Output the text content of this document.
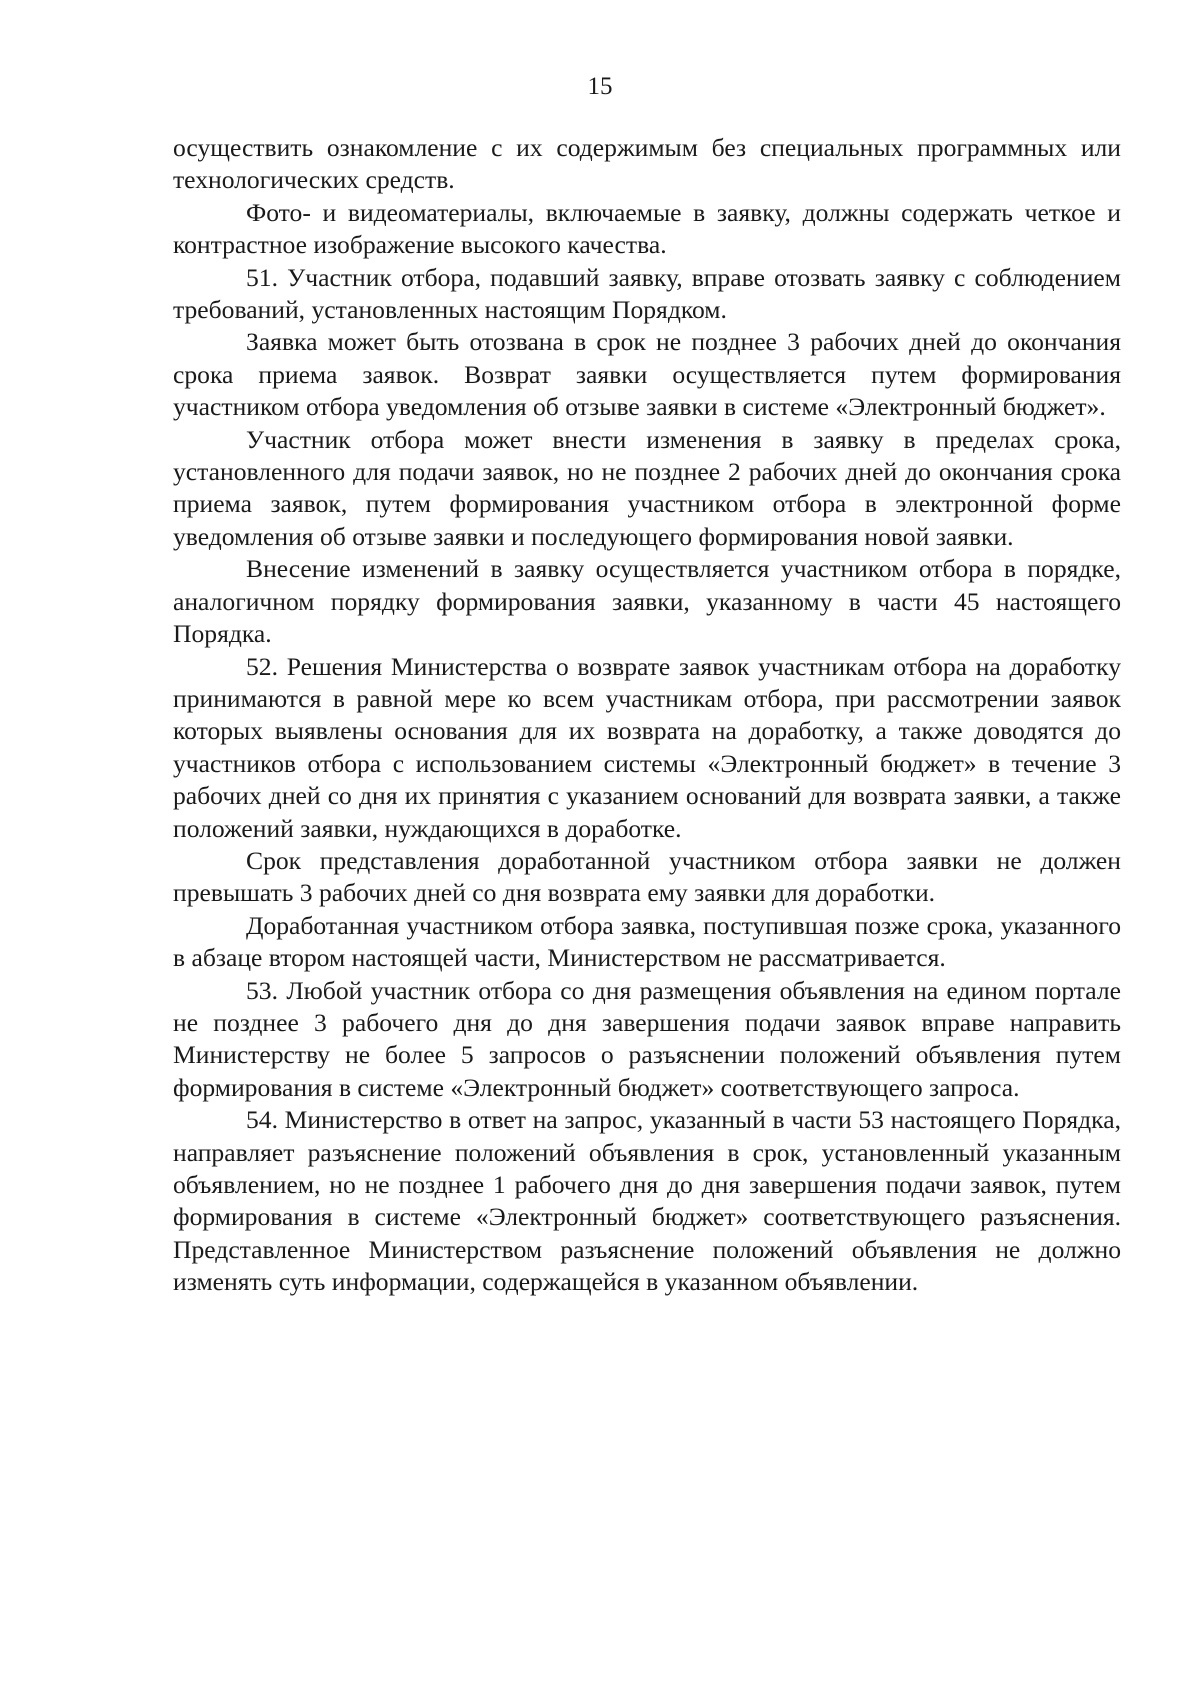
15

осуществить ознакомление с их содержимым без специальных программных или технологических средств.

Фото- и видеоматериалы, включаемые в заявку, должны содержать четкое и контрастное изображение высокого качества.

51. Участник отбора, подавший заявку, вправе отозвать заявку с соблюдением требований, установленных настоящим Порядком.

Заявка может быть отозвана в срок не позднее 3 рабочих дней до окончания срока приема заявок. Возврат заявки осуществляется путем формирования участником отбора уведомления об отзыве заявки в системе «Электронный бюджет».

Участник отбора может внести изменения в заявку в пределах срока, установленного для подачи заявок, но не позднее 2 рабочих дней до окончания срока приема заявок, путем формирования участником отбора в электронной форме уведомления об отзыве заявки и последующего формирования новой заявки.

Внесение изменений в заявку осуществляется участником отбора в порядке, аналогичном порядку формирования заявки, указанному в части 45 настоящего Порядка.

52. Решения Министерства о возврате заявок участникам отбора на доработку принимаются в равной мере ко всем участникам отбора, при рассмотрении заявок которых выявлены основания для их возврата на доработку, а также доводятся до участников отбора с использованием системы «Электронный бюджет» в течение 3 рабочих дней со дня их принятия с указанием оснований для возврата заявки, а также положений заявки, нуждающихся в доработке.

Срок представления доработанной участником отбора заявки не должен превышать 3 рабочих дней со дня возврата ему заявки для доработки.

Доработанная участником отбора заявка, поступившая позже срока, указанного в абзаце втором настоящей части, Министерством не рассматривается.

53. Любой участник отбора со дня размещения объявления на едином портале не позднее 3 рабочего дня до дня завершения подачи заявок вправе направить Министерству не более 5 запросов о разъяснении положений объявления путем формирования в системе «Электронный бюджет» соответствующего запроса.

54. Министерство в ответ на запрос, указанный в части 53 настоящего Порядка, направляет разъяснение положений объявления в срок, установленный указанным объявлением, но не позднее 1 рабочего дня до дня завершения подачи заявок, путем формирования в системе «Электронный бюджет» соответствующего разъяснения. Представленное Министерством разъяснение положений объявления не должно изменять суть информации, содержащейся в указанном объявлении.
